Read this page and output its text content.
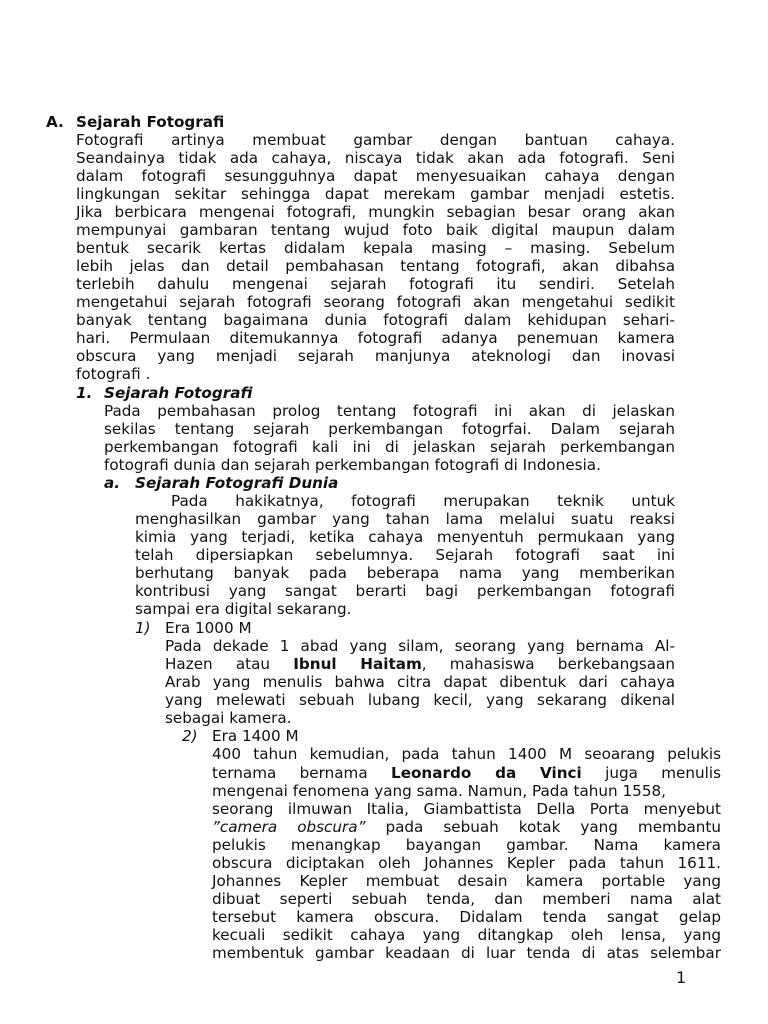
A. Sejarah Fotografi
Fotografi artinya membuat gambar dengan bantuan cahaya.
Seandainya tidak ada cahaya, niscaya tidak akan ada fotografi. Seni
dalam fotografi sesungguhnya dapat menyesuaikan cahaya dengan
lingkungan sekitar sehingga dapat merekam gambar menjadi estetis.
Jika berbicara mengenai fotografi, mungkin sebagian besar orang akan
mempunyai gambaran tentang wujud foto baik digital maupun dalam
bentuk secarik kertas didalam kepala masing – masing. Sebelum
lebih jelas dan detail pembahasan tentang fotografi, akan dibahsa
terlebih dahulu mengenai sejarah fotografi itu sendiri. Setelah
mengetahui sejarah fotografi seorang fotografi akan mengetahui sedikit
banyak tentang bagaimana dunia fotografi dalam kehidupan sehari-
hari. Permulaan ditemukannya fotografi adanya penemuan kamera
obscura yang menjadi sejarah manjunya ateknologi dan inovasi
fotografi .
1. Sejarah Fotografi
Pada pembahasan prolog tentang fotografi ini akan di jelaskan
sekilas tentang sejarah perkembangan fotogrfai. Dalam sejarah
perkembangan fotografi kali ini di jelaskan sejarah perkembangan
fotografi dunia dan sejarah perkembangan fotografi di Indonesia.
a. Sejarah Fotografi Dunia
Pada hakikatnya, fotografi merupakan teknik untuk
menghasilkan gambar yang tahan lama melalui suatu reaksi
kimia yang terjadi, ketika cahaya menyentuh permukaan yang
telah dipersiapkan sebelumnya. Sejarah fotografi saat ini
berhutang banyak pada beberapa nama yang memberikan
kontribusi yang sangat berarti bagi perkembangan fotografi
sampai era digital sekarang.
1) Era 1000 M
Pada dekade 1 abad yang silam, seorang yang bernama Al-
Hazen atau Ibnul Haitam, mahasiswa berkebangsaan
Arab yang menulis bahwa citra dapat dibentuk dari cahaya
yang melewati sebuah lubang kecil, yang sekarang dikenal
sebagai kamera.
2) Era 1400 M
400 tahun kemudian, pada tahun 1400 M seoarang pelukis
ternama bernama Leonardo da Vinci juga menulis
mengenai fenomena yang sama. Namun, Pada tahun 1558,
seorang ilmuwan Italia, Giambattista Della Porta menyebut
”camera obscura” pada sebuah kotak yang membantu
pelukis menangkap bayangan gambar. Nama kamera
obscura diciptakan oleh Johannes Kepler pada tahun 1611.
Johannes Kepler membuat desain kamera portable yang
dibuat seperti sebuah tenda, dan memberi nama alat
tersebut kamera obscura. Didalam tenda sangat gelap
kecuali sedikit cahaya yang ditangkap oleh lensa, yang
membentuk gambar keadaan di luar tenda di atas selembar
1
